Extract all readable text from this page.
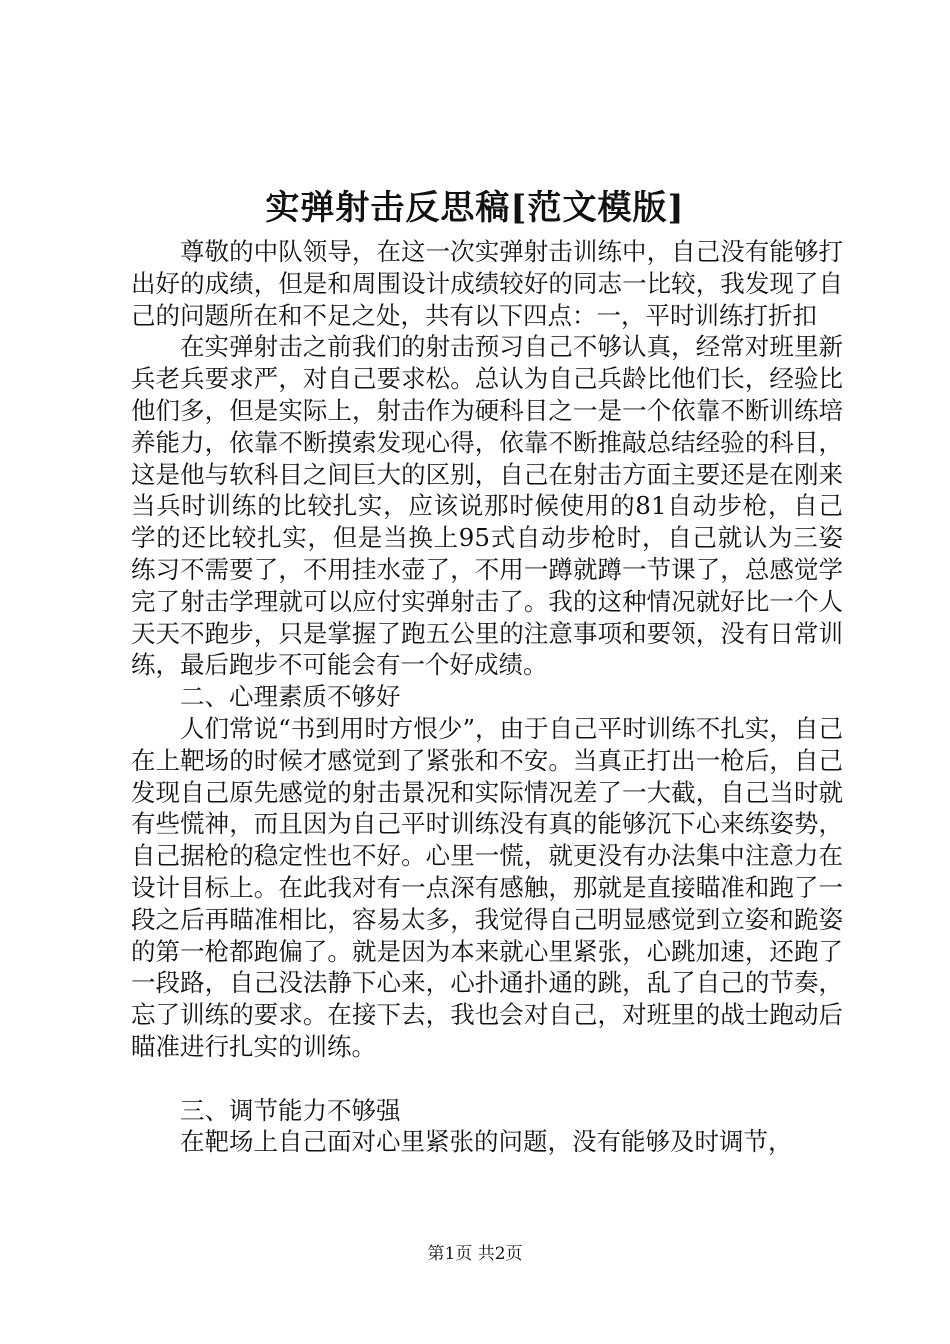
实弹射击反思稿[范文模版]

尊敬的中队领导，在这一次实弹射击训练中，自己没有能够打出好的成绩，但是和周围设计成绩较好的同志一比较，我发现了自己的问题所在和不足之处，共有以下四点：一，平时训练打折扣

在实弹射击之前我们的射击预习自己不够认真，经常对班里新兵老兵要求严，对自己要求松。总认为自己兵龄比他们长，经验比他们多，但是实际上，射击作为硬科目之一是一个依靠不断训练培养能力，依靠不断摸索发现心得，依靠不断推敲总结经验的科目，这是他与软科目之间巨大的区别，自己在射击方面主要还是在刚来当兵时训练的比较扎实，应该说那时候使用的81自动步枪，自己学的还比较扎实，但是当换上95式自动步枪时，自己就认为三姿练习不需要了，不用挂水壶了，不用一蹲就蹲一节课了，总感觉学完了射击学理就可以应付实弹射击了。我的这种情况就好比一个人天天不跑步，只是掌握了跑五公里的注意事项和要领，没有日常训练，最后跑步不可能会有一个好成绩。

二、心理素质不够好

人们常说“书到用时方恨少”，由于自己平时训练不扎实，自己在上靶场的时候才感觉到了紧张和不安。当真正打出一枪后，自己发现自己原先感觉的射击景况和实际情况差了一大截，自己当时就有些慌神，而且因为自己平时训练没有真的能够沉下心来练姿势，自己据枪的稳定性也不好。心里一慌，就更没有办法集中注意力在设计目标上。在此我对有一点深有感触，那就是直接瞄准和跑了一段之后再瞄准相比，容易太多，我觉得自己明显感觉到立姿和跪姿的第一枪都跑偏了。就是因为本来就心里紧张，心跳加速，还跑了一段路，自己没法静下心来，心扑通扑通的跳，乱了自己的节奏，忘了训练的要求。在接下去，我也会对自己，对班里的战士跑动后瞄准进行扎实的训练。

三、调节能力不够强

在靶场上自己面对心里紧张的问题，没有能够及时调节，

第1页 共2页
